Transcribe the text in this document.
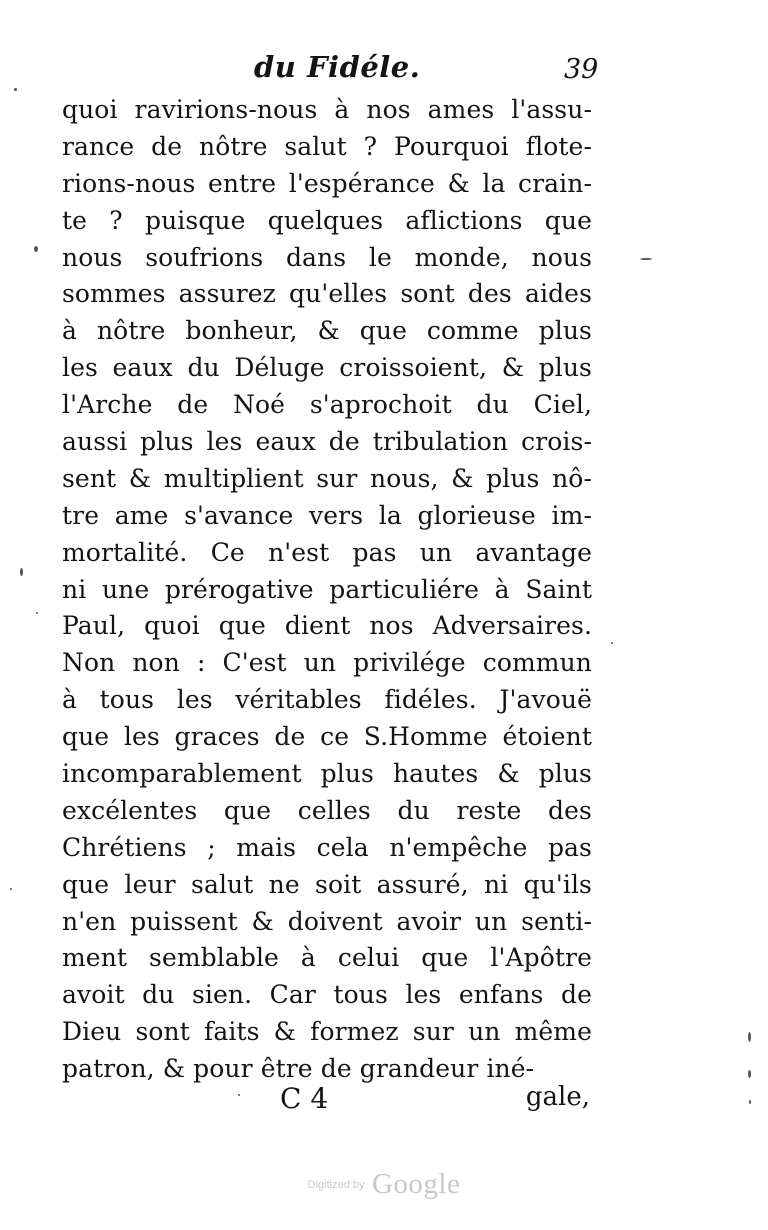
du Fidéle.	39
quoi ravirions-nous à nos ames l'assu-
rance de nôtre salut ? Pourquoi flote-
rions-nous entre l'espérance & la crain-
te ? puisque quelques aflictions que
nous soufrions dans le monde, nous
sommes assurez qu'elles sont des aides
à nôtre bonheur, & que comme plus
les eaux du Déluge croissoient, & plus
l'Arche de Noé s'aprochoit du Ciel,
aussi plus les eaux de tribulation crois-
sent & multiplient sur nous, & plus nô-
tre ame s'avance vers la glorieuse im-
mortalité. Ce n'est pas un avantage
ni une prérogative particuliére à Saint
Paul, quoi que dient nos Adversaires.
Non non : C'est un privilége commun
à tous les véritables fidéles. J'avouë
que les graces de ce S.Homme étoient
incomparablement plus hautes & plus
excélentes que celles du reste des
Chrétiens ; mais cela n'empêche pas
que leur salut ne soit assuré, ni qu'ils
n'en puissent & doivent avoir un senti-
ment semblable à celui que l'Apôtre
avoit du sien. Car tous les enfans de
Dieu sont faits & formez sur un même
patron, & pour être de grandeur iné-
C 4	gale,
Digitized by Google
